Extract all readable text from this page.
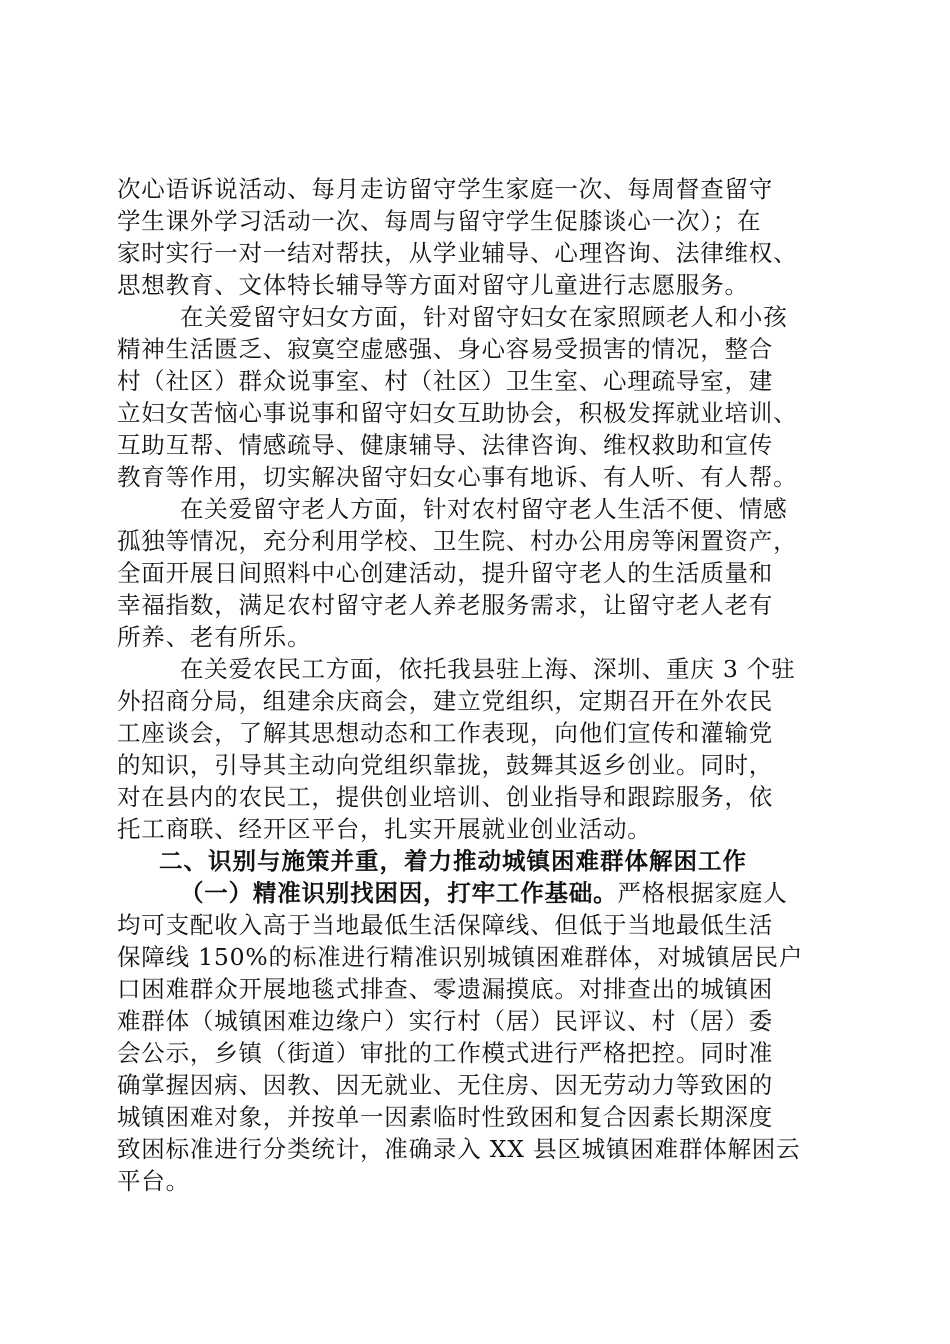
次心语诉说活动、每月走访留守学生家庭一次、每周督查留守
学生课外学习活动一次、每周与留守学生促膝谈心一次）；在
家时实行一对一结对帮扶，从学业辅导、心理咨询、法律维权、
思想教育、文体特长辅导等方面对留守儿童进行志愿服务。
在关爱留守妇女方面，针对留守妇女在家照顾老人和小孩
精神生活匮乏、寂寞空虚感强、身心容易受损害的情况，整合
村（社区）群众说事室、村（社区）卫生室、心理疏导室，建
立妇女苦恼心事说事和留守妇女互助协会，积极发挥就业培训、
互助互帮、情感疏导、健康辅导、法律咨询、维权救助和宣传
教育等作用，切实解决留守妇女心事有地诉、有人听、有人帮。
在关爱留守老人方面，针对农村留守老人生活不便、情感
孤独等情况，充分利用学校、卫生院、村办公用房等闲置资产，
全面开展日间照料中心创建活动，提升留守老人的生活质量和
幸福指数，满足农村留守老人养老服务需求，让留守老人老有
所养、老有所乐。
在关爱农民工方面，依托我县驻上海、深圳、重庆 3 个驻
外招商分局，组建余庆商会，建立党组织，定期召开在外农民
工座谈会，了解其思想动态和工作表现，向他们宣传和灌输党
的知识，引导其主动向党组织靠拢，鼓舞其返乡创业。同时，
对在县内的农民工，提供创业培训、创业指导和跟踪服务，依
托工商联、经开区平台，扎实开展就业创业活动。
二、识别与施策并重，着力推动城镇困难群体解困工作
（一）精准识别找困因，打牢工作基础。严格根据家庭人
均可支配收入高于当地最低生活保障线、但低于当地最低生活
保障线 150%的标准进行精准识别城镇困难群体，对城镇居民户
口困难群众开展地毯式排查、零遗漏摸底。对排查出的城镇困
难群体（城镇困难边缘户）实行村（居）民评议、村（居）委
会公示，乡镇（街道）审批的工作模式进行严格把控。同时准
确掌握因病、因教、因无就业、无住房、因无劳动力等致困的
城镇困难对象，并按单一因素临时性致困和复合因素长期深度
致困标准进行分类统计，准确录入 XX 县区城镇困难群体解困云
平台。
